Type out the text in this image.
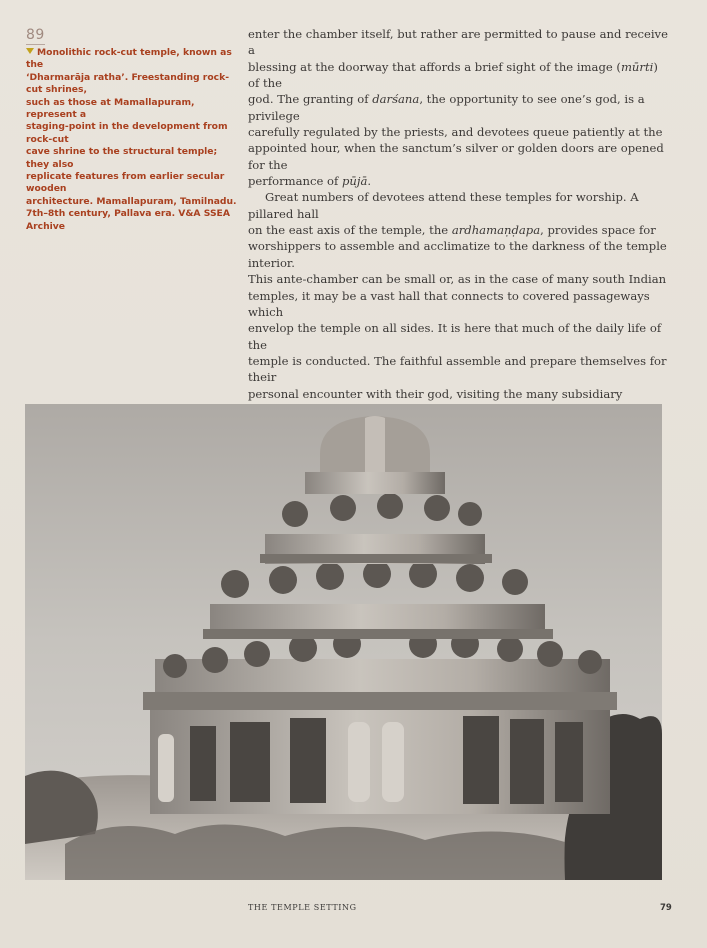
89
Monolithic rock-cut temple, known as the
‘Dharmarāja ratha’. Freestanding rock-cut shrines,
such as those at Mamallapuram, represent a
staging-point in the development from rock-cut
cave shrine to the structural temple; they also
replicate features from earlier secular wooden
architecture. Mamallapuram, Tamilnadu.
7th–8th century, Pallava era. V&A SSEA Archive

enter the chamber itself, but rather are permitted to pause and receive a
blessing at the doorway that affords a brief sight of the image (mūrti) of the
god. The granting of darśana, the opportunity to see one’s god, is a privilege
carefully regulated by the priests, and devotees queue patiently at the
appointed hour, when the sanctum’s silver or golden doors are opened for the
performance of pūjā.

Great numbers of devotees attend these temples for worship. A pillared hall
on the east axis of the temple, the ardhamaṇḍapa, provides space for
worshippers to assemble and acclimatize to the darkness of the temple interior.
This ante-chamber can be small or, as in the case of many south Indian
temples, it may be a vast hall that connects to covered passageways which
envelop the temple on all sides. It is here that much of the daily life of the
temple is conducted. The faithful assemble and prepare themselves for their
personal encounter with their god, visiting the many subsidiary

THE TEMPLE SETTING	79
